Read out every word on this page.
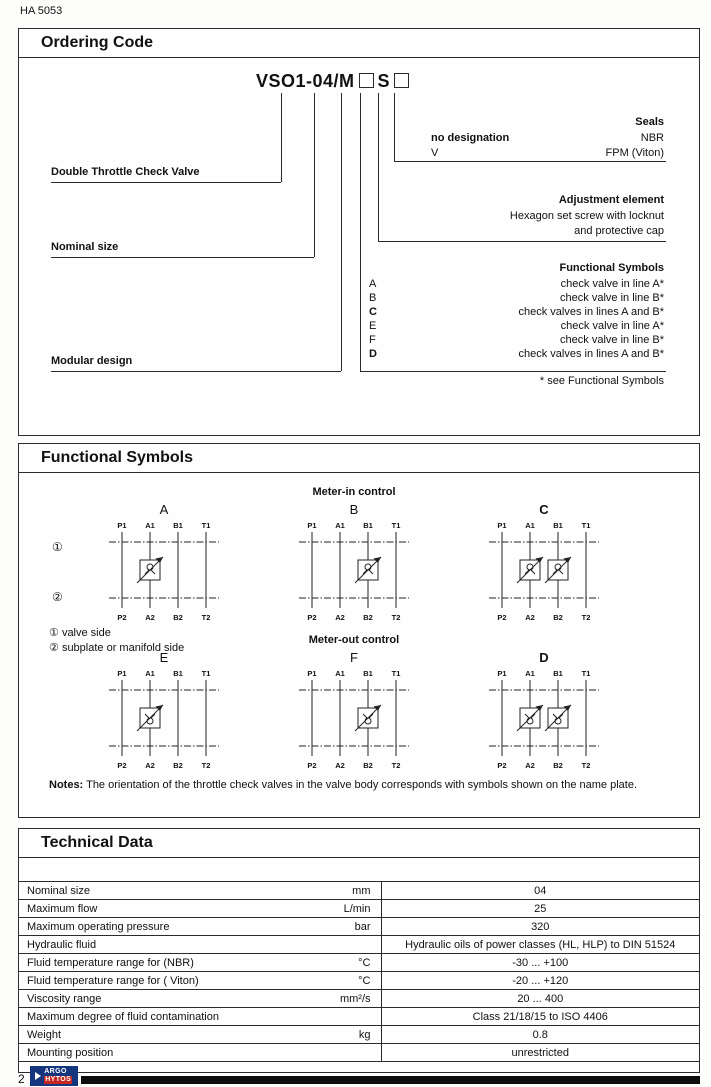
HA 5053
Ordering Code
VSO1-04/M S
Double Throttle Check Valve
Nominal size
Modular design
Seals
no designation	NBR
V	FPM (Viton)
Adjustment element
Hexagon set screw with locknut
and protective cap
Functional Symbols
A	check valve in line A*
B	check valve in line B*
C	check valves in lines A and B*
E	check valve in line A*
F	check valve in line B*
D	check valves in lines A and B*
* see Functional Symbols
Functional Symbols
Meter-in control
A
P1 A1 B1	T1
P2 A2 B2	T2
B
P1 A1 B1	T1
P2 A2 B2	T2
C
P1 A1 B1	T1
P2 A2 B2	T2
①
②
① valve side
② subplate or manifold side
Meter-out control
E
P1 A1 B1	T1
P2 A2 B2	T2
F
P1 A1 B1	T1
P2 A2 B2	T2
D
P1 A1 B1	T1
P2 A2 B2	T2

Notes: The orientation of the throttle check valves in the valve body corresponds with symbols shown on the name plate.

Technical Data
Nominal size	mm	04
Maximum flow	L/min	25
Maximum operating pressure	bar	320
Hydraulic fluid		Hydraulic oils of power classes (HL, HLP) to DIN 51524
Fluid temperature range for (NBR)	°C	-30 ... +100
Fluid temperature range for ( Viton)	°C	-20 ... +120
Viscosity range	mm²/s	20 ... 400
Maximum degree of fluid contamination		Class 21/18/15 to ISO 4406
Weight	kg	0.8
Mounting position		unrestricted
2
ARGO
HYTOS
